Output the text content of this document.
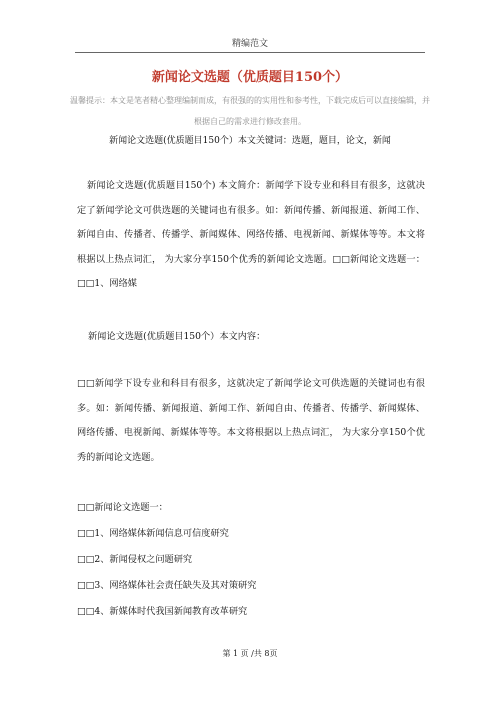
精编范文
新闻论文选题（优质题目150个）
温馨提示：本文是笔者精心整理编制而成，有很强的的实用性和参考性，下载完成后可以直接编辑，并根据自己的需求进行修改套用。
新闻论文选题(优质题目150个）本文关键词：选题，题目，论文，新闻
新闻论文选题(优质题目150个) 本文简介：新闻学下设专业和科目有很多，这就决定了新闻学论文可供选题的关键词也有很多。如：新闻传播、新闻报道、新闻工作、新闻自由、传播者、传播学、新闻媒体、网络传播、电视新闻、新媒体等等。本文将根据以上热点词汇， 为大家分享150个优秀的新闻论文选题。□□新闻论文选题一：□□1、网络媒
新闻论文选题(优质题目150个）本文内容：
□□新闻学下设专业和科目有很多，这就决定了新闻学论文可供选题的关键词也有很多。如：新闻传播、新闻报道、新闻工作、新闻自由、传播者、传播学、新闻媒体、网络传播、电视新闻、新媒体等等。本文将根据以上热点词汇， 为大家分享150个优秀的新闻论文选题。
□□新闻论文选题一：
□□1、网络媒体新闻信息可信度研究
□□2、新闻侵权之问题研究
□□3、网络媒体社会责任缺失及其对策研究
□□4、新媒体时代我国新闻教育改革研究
第 1 页 /共 8页
